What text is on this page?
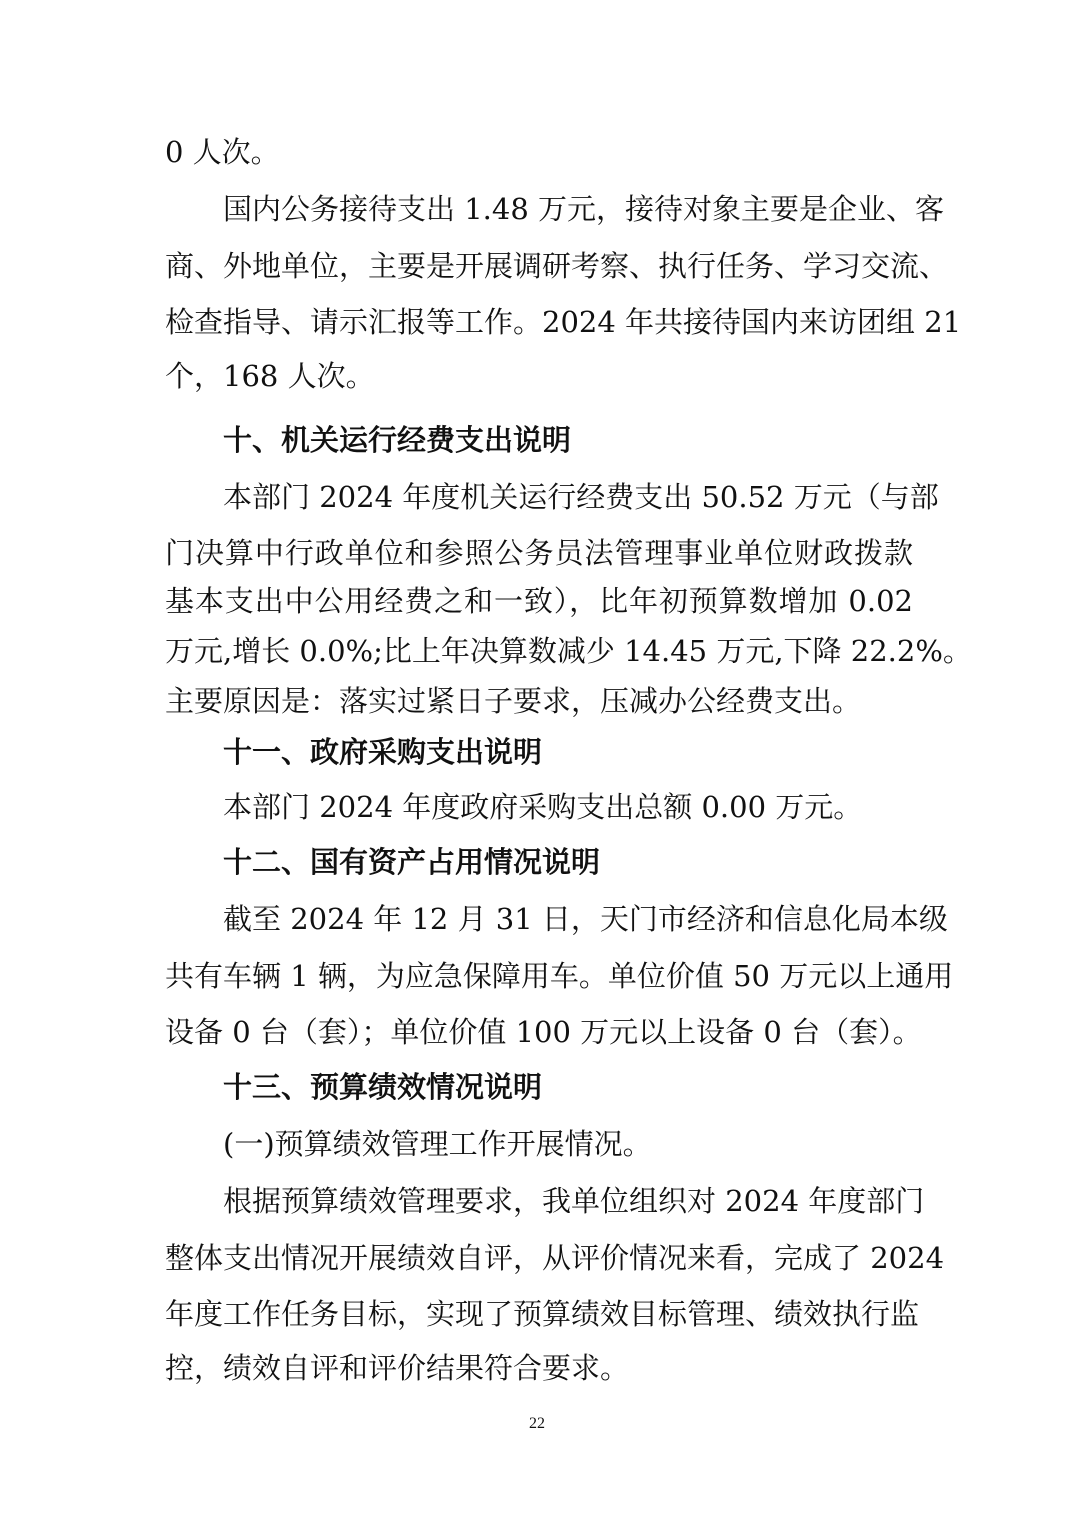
0 人次。
国内公务接待支出 1.48 万元，接待对象主要是企业、客
商、外地单位，主要是开展调研考察、执行任务、学习交流、
检查指导、请示汇报等工作。2024 年共接待国内来访团组 21
个，168 人次。
十、机关运行经费支出说明
本部门 2024 年度机关运行经费支出 50.52 万元（与部
门决算中行政单位和参照公务员法管理事业单位财政拨款
基本支出中公用经费之和一致），比年初预算数增加 0.02
万元,增长 0.0%;比上年决算数减少 14.45 万元,下降 22.2%。
主要原因是：落实过紧日子要求，压减办公经费支出。
十一、政府采购支出说明
本部门 2024 年度政府采购支出总额 0.00 万元。
十二、国有资产占用情况说明
截至 2024 年 12 月 31 日，天门市经济和信息化局本级
共有车辆 1 辆，为应急保障用车。单位价值 50 万元以上通用
设备 0 台（套）；单位价值 100 万元以上设备 0 台（套）。
十三、预算绩效情况说明
(一)预算绩效管理工作开展情况。
根据预算绩效管理要求，我单位组织对 2024 年度部门
整体支出情况开展绩效自评，从评价情况来看，完成了 2024
年度工作任务目标，实现了预算绩效目标管理、绩效执行监
控，绩效自评和评价结果符合要求。
22
